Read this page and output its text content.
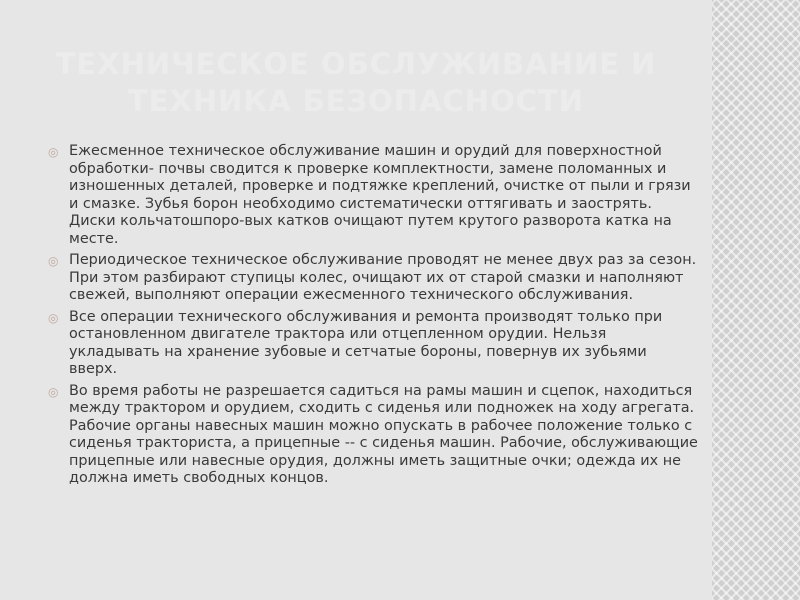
ТЕХНИЧЕСКОЕ ОБСЛУЖИВАНИЕ И ТЕХНИКА БЕЗОПАСНОСТИ
◎ Ежесменное техническое обслуживание машин и орудий для поверхностной обработки- почвы сводится к проверке комплектности, замене поломанных и изношенных деталей, проверке и подтяжке креплений, очистке от пыли и грязи и смазке. Зубья борон необходимо систематически оттягивать и заострять. Диски кольчатошпоро-вых катков очищают путем крутого разворота катка на месте.
◎ Периодическое техническое обслуживание проводят не менее двух раз за сезон. При этом разбирают ступицы колес, очищают их от старой смазки и наполняют свежей, выполняют операции ежесменного технического обслуживания.
◎ Все операции технического обслуживания и ремонта производят только при остановленном двигателе трактора или отцепленном орудии. Нельзя укладывать на хранение зубовые и сетчатые бороны, повернув их зубьями вверх.
◎ Во время работы не разрешается садиться на рамы машин и сцепок, находиться между трактором и орудием, сходить с сиденья или подножек на ходу агрегата. Рабочие органы навесных машин можно опускать в рабочее положение только с сиденья тракториста, а прицепные -- с сиденья машин. Рабочие, обслуживающие прицепные или навесные орудия, должны иметь защитные очки; одежда их не должна иметь свободных концов.
